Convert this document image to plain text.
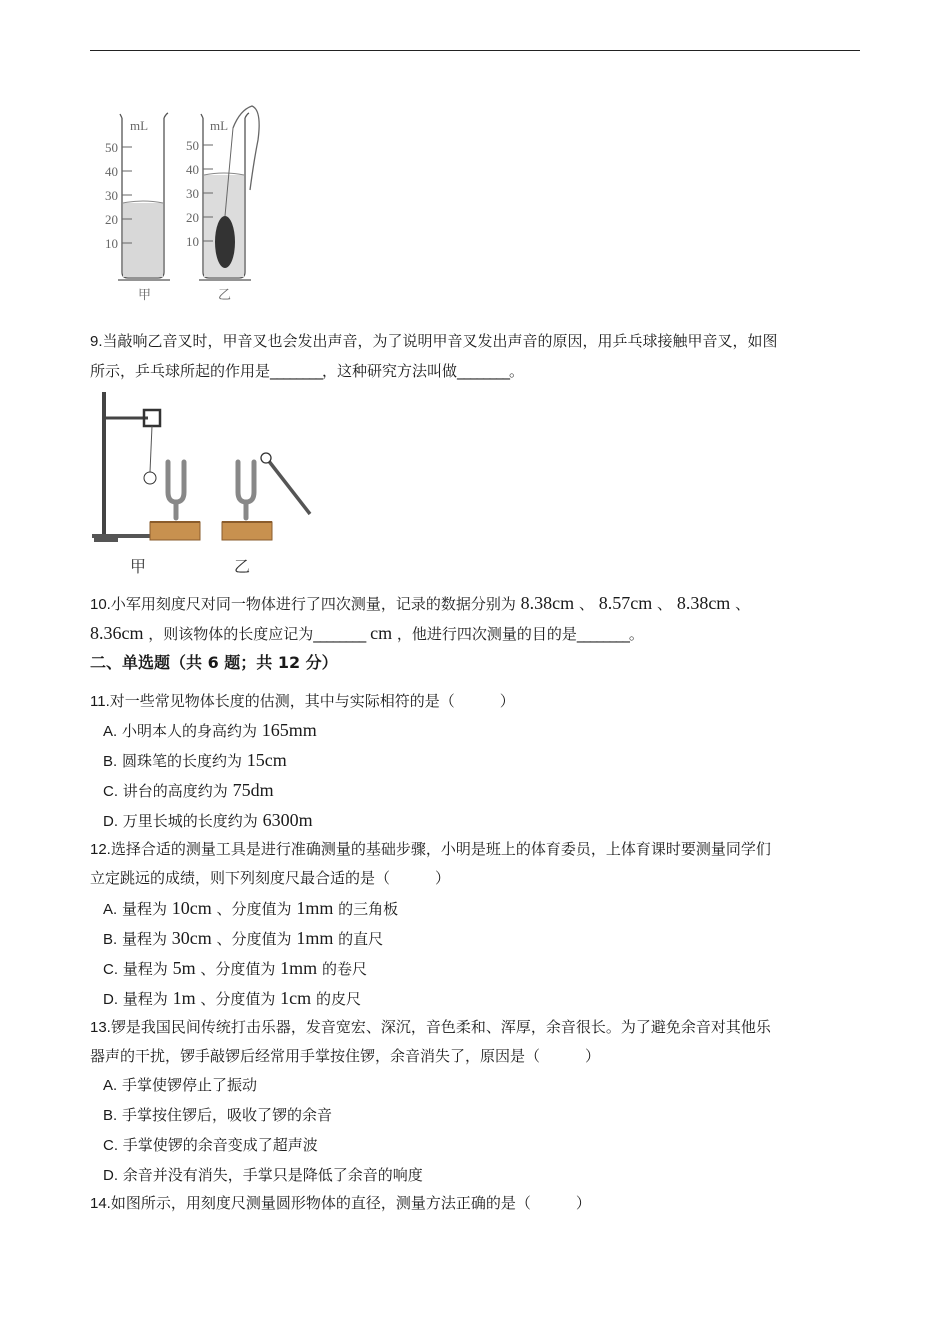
mL	mL
50
40
30
20
10
50
40
30
20
10
甲	乙
9.当敲响乙音叉时，甲音叉也会发出声音，为了说明甲音叉发出声音的原因，用乒乓球接触甲音叉，如图
所示，乒乓球所起的作用是________，这种研究方法叫做________。
甲	乙
10.小军用刻度尺对同一物体进行了四次测量，记录的数据分别为 8.38cm 、 8.57cm 、 8.38cm 、
8.36cm ，则该物体的长度应记为________ cm ，他进行四次测量的目的是________。
二、单选题（共 6 题；共 12 分）
11.对一些常见物体长度的估测，其中与实际相符的是（　　　）
A. 小明本人的身高约为 165mm
B. 圆珠笔的长度约为 15cm
C. 讲台的高度约为 75dm
D. 万里长城的长度约为 6300m
12.选择合适的测量工具是进行准确测量的基础步骤，小明是班上的体育委员，上体育课时要测量同学们
立定跳远的成绩，则下列刻度尺最合适的是（　　　）
A. 量程为 10cm 、分度值为 1mm 的三角板
B. 量程为 30cm 、分度值为 1mm 的直尺
C. 量程为 5m 、分度值为 1mm 的卷尺
D. 量程为 1m 、分度值为 1cm 的皮尺
13.锣是我国民间传统打击乐器，发音宽宏、深沉，音色柔和、浑厚，余音很长。为了避免余音对其他乐
器声的干扰，锣手敲锣后经常用手掌按住锣，余音消失了，原因是（　　　）
A. 手掌使锣停止了振动
B. 手掌按住锣后，吸收了锣的余音
C. 手掌使锣的余音变成了超声波
D. 余音并没有消失，手掌只是降低了余音的响度
14.如图所示，用刻度尺测量圆形物体的直径，测量方法正确的是（　　　）
